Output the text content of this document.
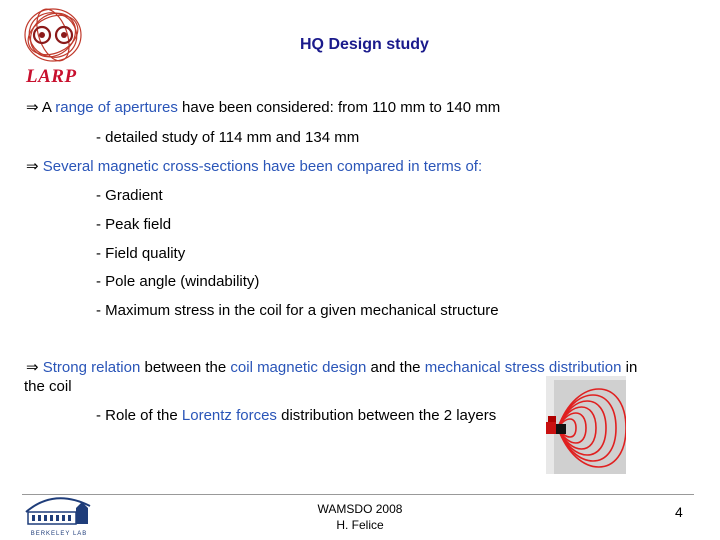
LARP
HQ Design study
⇒ A range of apertures have been considered: from 110 mm to 140 mm
- detailed study of 114 mm and 134 mm
⇒ Several magnetic cross-sections have been compared in terms of:
- Gradient
- Peak field
- Field quality
- Pole angle (windability)
- Maximum stress in the coil for a given mechanical structure
⇒ Strong relation between the coil magnetic design and the mechanical stress distribution in
the coil
- Role of the Lorentz forces distribution between the 2 layers
BERKELEY LAB
WAMSDO 2008
H. Felice
4
